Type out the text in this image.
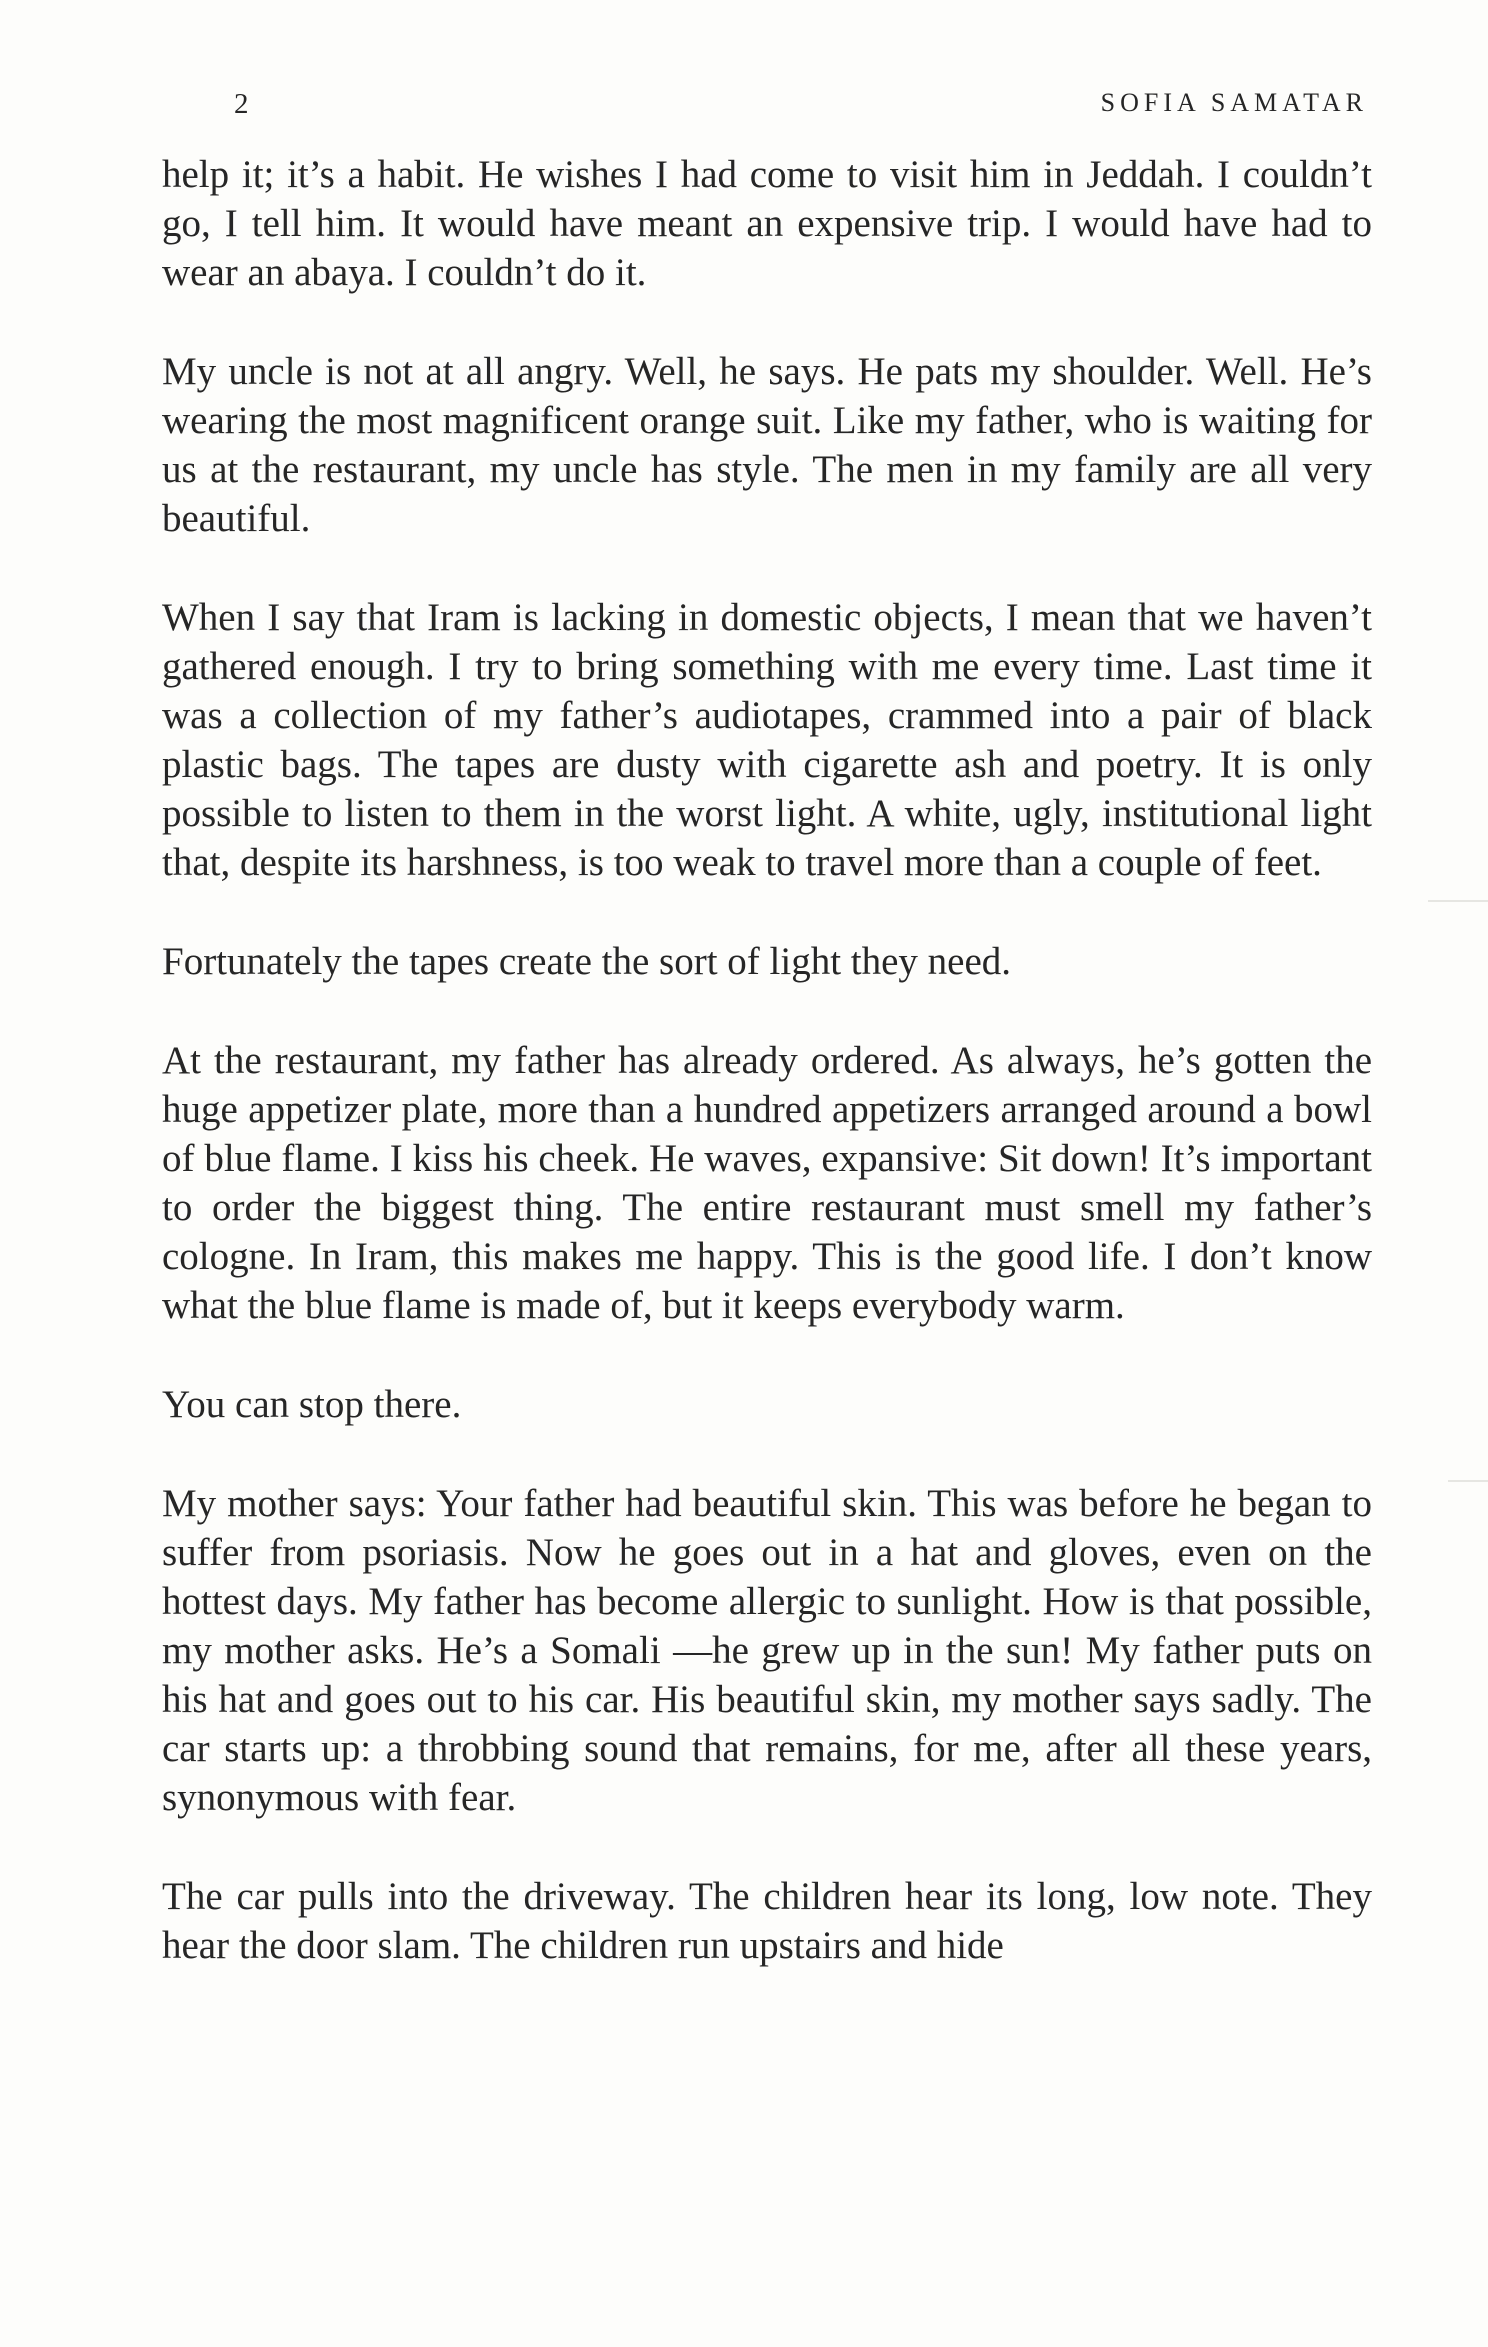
2	SOFIA SAMATAR

help it; it’s a habit. He wishes I had come to visit him in Jeddah. I couldn’t go, I tell him. It would have meant an expensive trip. I would have had to wear an abaya. I couldn’t do it.

My uncle is not at all angry. Well, he says. He pats my shoulder. Well. He’s wearing the most magnificent orange suit. Like my father, who is waiting for us at the restaurant, my uncle has style. The men in my family are all very beautiful.

When I say that Iram is lacking in domestic objects, I mean that we haven’t gathered enough. I try to bring something with me every time. Last time it was a collection of my father’s audiotapes, crammed into a pair of black plastic bags. The tapes are dusty with cigarette ash and poetry. It is only possible to listen to them in the worst light. A white, ugly, institutional light that, despite its harshness, is too weak to travel more than a couple of feet.

Fortunately the tapes create the sort of light they need.

At the restaurant, my father has already ordered. As always, he’s gotten the huge appetizer plate, more than a hundred appetizers arranged around a bowl of blue flame. I kiss his cheek. He waves, expansive: Sit down! It’s important to order the biggest thing. The entire restaurant must smell my father’s cologne. In Iram, this makes me happy. This is the good life. I don’t know what the blue flame is made of, but it keeps everybody warm.

You can stop there.

My mother says: Your father had beautiful skin. This was before he began to suffer from psoriasis. Now he goes out in a hat and gloves, even on the hottest days. My father has become allergic to sunlight. How is that possible, my mother asks. He’s a Somali —he grew up in the sun! My father puts on his hat and goes out to his car. His beautiful skin, my mother says sadly. The car starts up: a throbbing sound that remains, for me, after all these years, synonymous with fear.

The car pulls into the driveway. The children hear its long, low note. They hear the door slam. The children run upstairs and hide
